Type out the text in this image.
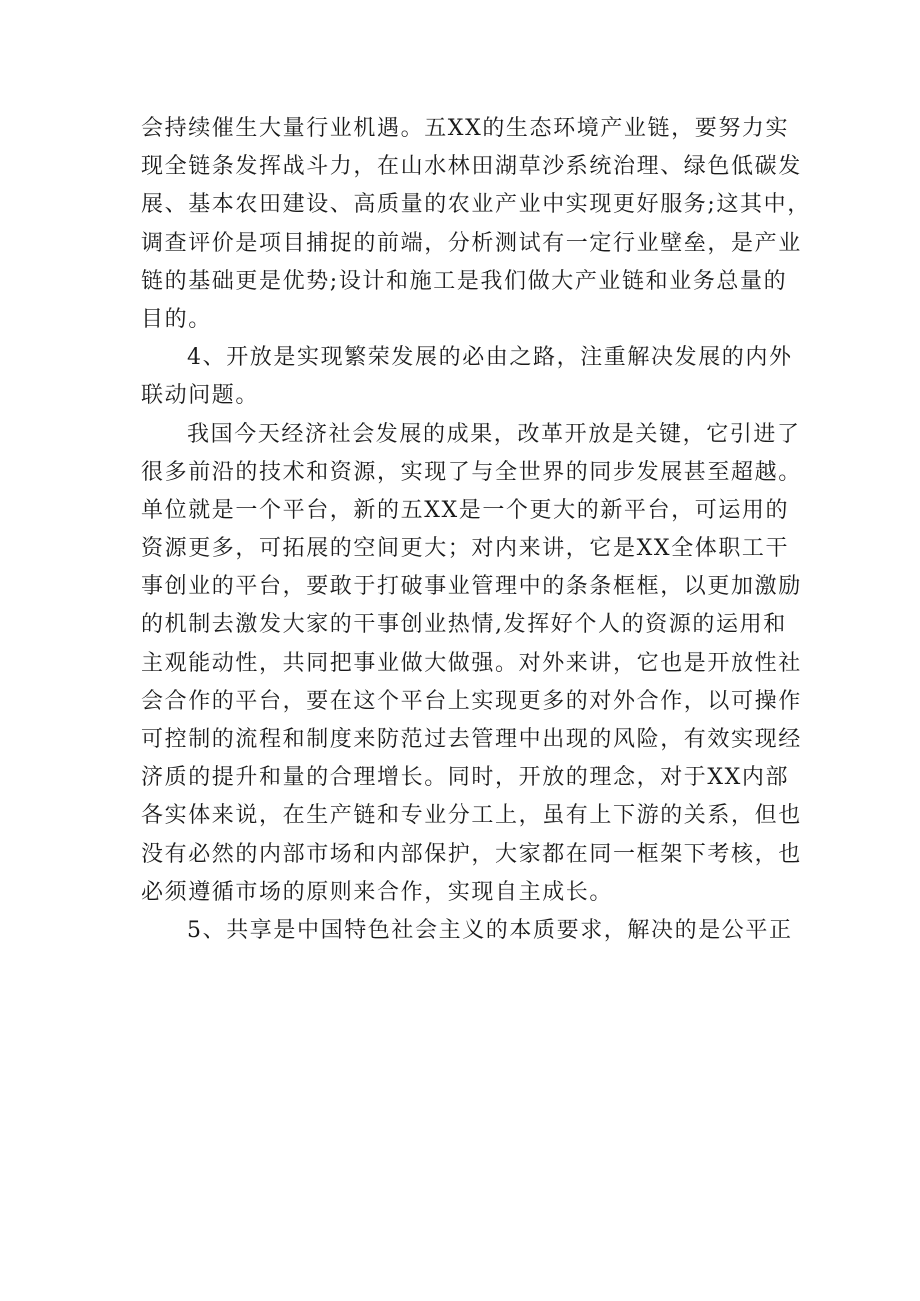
会持续催生大量行业机遇。五XX的生态环境产业链，要努力实
现全链条发挥战斗力，在山水林田湖草沙系统治理、绿色低碳发
展、基本农田建设、高质量的农业产业中实现更好服务;这其中，
调查评价是项目捕捉的前端，分析测试有一定行业壁垒，是产业
链的基础更是优势;设计和施工是我们做大产业链和业务总量的
目的。
4、开放是实现繁荣发展的必由之路，注重解决发展的内外
联动问题。
我国今天经济社会发展的成果，改革开放是关键，它引进了
很多前沿的技术和资源，实现了与全世界的同步发展甚至超越。
单位就是一个平台，新的五XX是一个更大的新平台，可运用的
资源更多，可拓展的空间更大；对内来讲，它是XX全体职工干
事创业的平台，要敢于打破事业管理中的条条框框，以更加激励
的机制去激发大家的干事创业热情,发挥好个人的资源的运用和
主观能动性，共同把事业做大做强。对外来讲，它也是开放性社
会合作的平台，要在这个平台上实现更多的对外合作，以可操作
可控制的流程和制度来防范过去管理中出现的风险，有效实现经
济质的提升和量的合理增长。同时，开放的理念，对于XX内部
各实体来说，在生产链和专业分工上，虽有上下游的关系，但也
没有必然的内部市场和内部保护，大家都在同一框架下考核，也
必须遵循市场的原则来合作，实现自主成长。
5、共享是中国特色社会主义的本质要求，解决的是公平正
